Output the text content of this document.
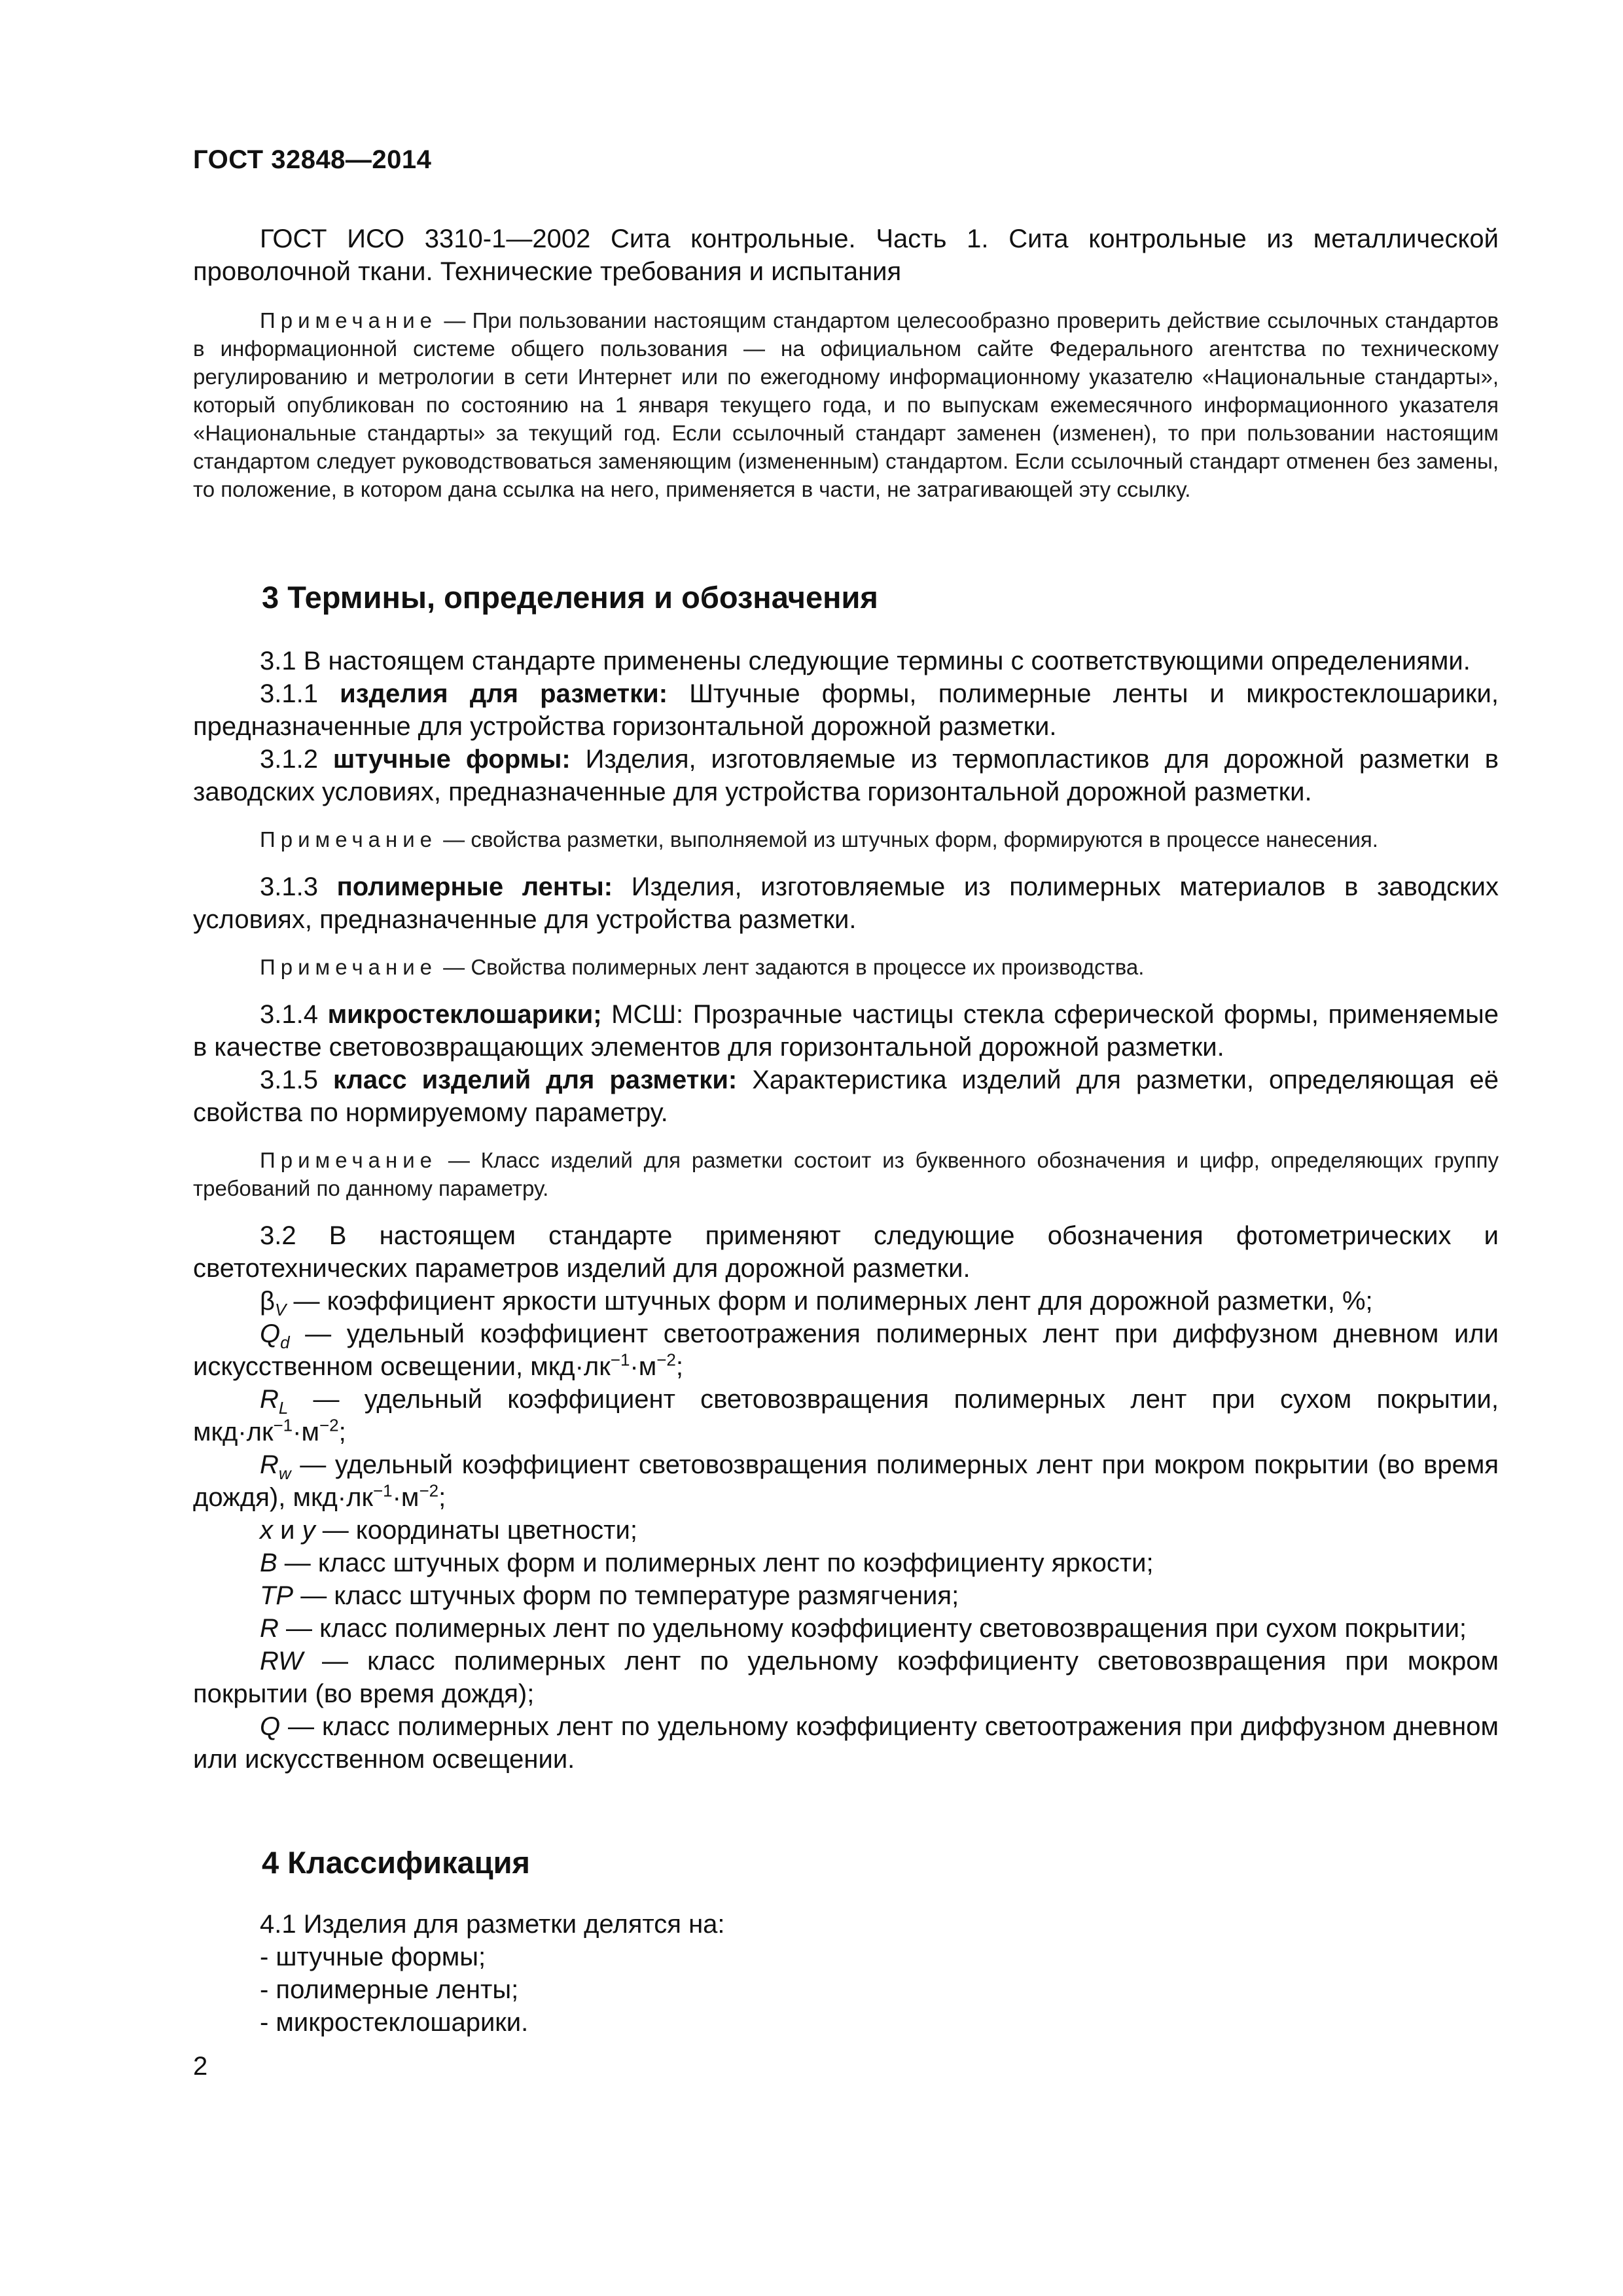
ГОСТ 32848—2014

ГОСТ ИСО 3310-1—2002 Сита контрольные. Часть 1. Сита контрольные из металлической проволочной ткани. Технические требования и испытания

Примечание — При пользовании настоящим стандартом целесообразно проверить действие ссылочных стандартов в информационной системе общего пользования — на официальном сайте Федерального агентства по техническому регулированию и метрологии в сети Интернет или по ежегодному информационному указателю «Национальные стандарты», который опубликован по состоянию на 1 января текущего года, и по выпускам ежемесячного информационного указателя «Национальные стандарты» за текущий год. Если ссылочный стандарт заменен (изменен), то при пользовании настоящим стандартом следует руководствоваться заменяющим (измененным) стандартом. Если ссылочный стандарт отменен без замены, то положение, в котором дана ссылка на него, применяется в части, не затрагивающей эту ссылку.

3 Термины, определения и обозначения

3.1 В настоящем стандарте применены следующие термины с соответствующими определениями.

3.1.1 изделия для разметки: Штучные формы, полимерные ленты и микростеклошарики, предназначенные для устройства горизонтальной дорожной разметки.

3.1.2 штучные формы: Изделия, изготовляемые из термопластиков для дорожной разметки в заводских условиях, предназначенные для устройства горизонтальной дорожной разметки.

Примечание — свойства разметки, выполняемой из штучных форм, формируются в процессе нанесения.

3.1.3 полимерные ленты: Изделия, изготовляемые из полимерных материалов в заводских условиях, предназначенные для устройства разметки.

Примечание — Свойства полимерных лент задаются в процессе их производства.

3.1.4 микростеклошарики; МСШ: Прозрачные частицы стекла сферической формы, применяемые в качестве световозвращающих элементов для горизонтальной дорожной разметки.

3.1.5 класс изделий для разметки: Характеристика изделий для разметки, определяющая её свойства по нормируемому параметру.

Примечание — Класс изделий для разметки состоит из буквенного обозначения и цифр, определяющих группу требований по данному параметру.

3.2 В настоящем стандарте применяют следующие обозначения фотометрических и светотехнических параметров изделий для дорожной разметки.

$\beta_V$ — коэффициент яркости штучных форм и полимерных лент для дорожной разметки, %;

$Q_d$ — удельный коэффициент светоотражения полимерных лент при диффузном дневном или искусственном освещении, $мкд\cdot лк^{-1}\cdot м^{-2}$;

$R_L$ — удельный коэффициент световозвращения полимерных лент при сухом покрытии, $мкд\cdot лк^{-1}\cdot м^{-2}$;

$R_w$ — удельный коэффициент световозвращения полимерных лент при мокром покрытии (во время дождя), $мкд\cdot лк^{-1}\cdot м^{-2}$;

x и y — координаты цветности;

B — класс штучных форм и полимерных лент по коэффициенту яркости;

TP — класс штучных форм по температуре размягчения;

R — класс полимерных лент по удельному коэффициенту световозвращения при сухом покрытии;

RW — класс полимерных лент по удельному коэффициенту световозвращения при мокром покрытии (во время дождя);

Q — класс полимерных лент по удельному коэффициенту светоотражения при диффузном дневном или искусственном освещении.

4 Классификация

4.1 Изделия для разметки делятся на:

- штучные формы;

- полимерные ленты;

- микростеклошарики.

2
